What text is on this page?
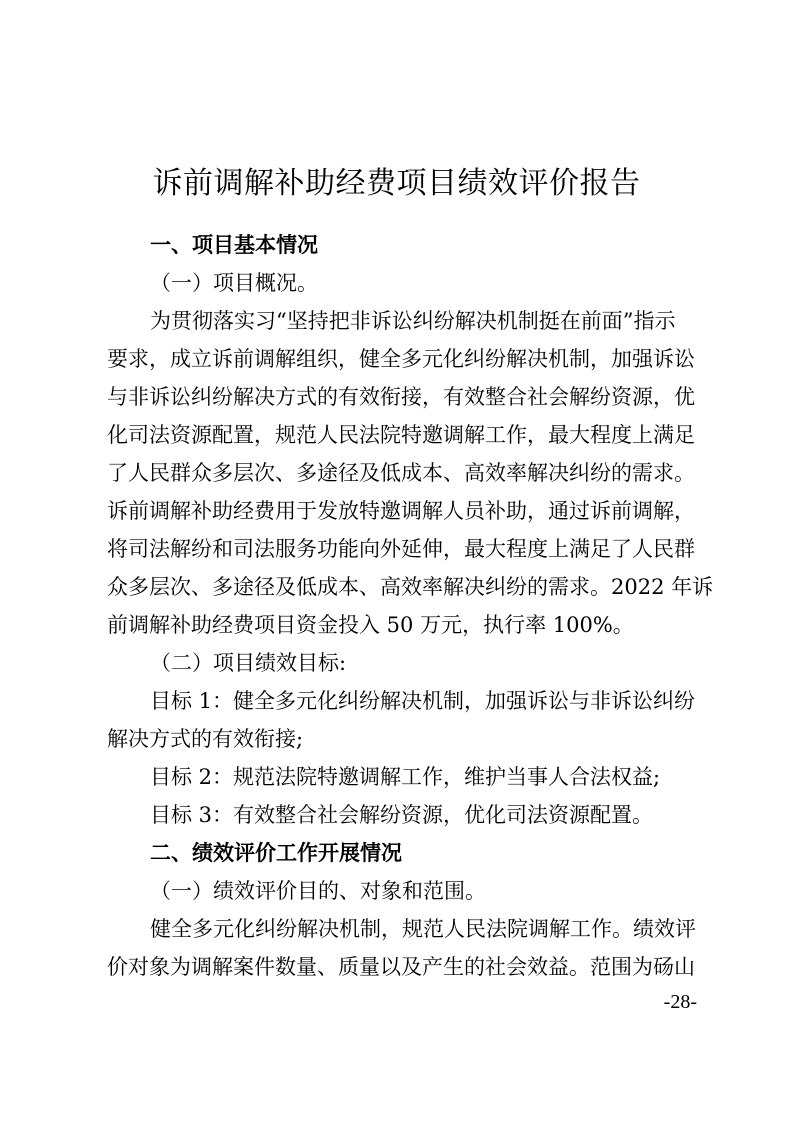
诉前调解补助经费项目绩效评价报告

一、项目基本情况

（一）项目概况。

为贯彻落实习“坚持把非诉讼纠纷解决机制挺在前面”指示

要求，成立诉前调解组织，健全多元化纠纷解决机制，加强诉讼

与非诉讼纠纷解决方式的有效衔接，有效整合社会解纷资源，优

化司法资源配置，规范人民法院特邀调解工作，最大程度上满足

了人民群众多层次、多途径及低成本、高效率解决纠纷的需求。

诉前调解补助经费用于发放特邀调解人员补助，通过诉前调解，

将司法解纷和司法服务功能向外延伸，最大程度上满足了人民群

众多层次、多途径及低成本、高效率解决纠纷的需求。2022 年诉

前调解补助经费项目资金投入 50 万元，执行率 100%。

（二）项目绩效目标:

目标 1：健全多元化纠纷解决机制，加强诉讼与非诉讼纠纷

解决方式的有效衔接;

目标 2：规范法院特邀调解工作，维护当事人合法权益;

目标 3：有效整合社会解纷资源，优化司法资源配置。

二、绩效评价工作开展情况

（一）绩效评价目的、对象和范围。

健全多元化纠纷解决机制，规范人民法院调解工作。绩效评

价对象为调解案件数量、质量以及产生的社会效益。范围为砀山

-28-
